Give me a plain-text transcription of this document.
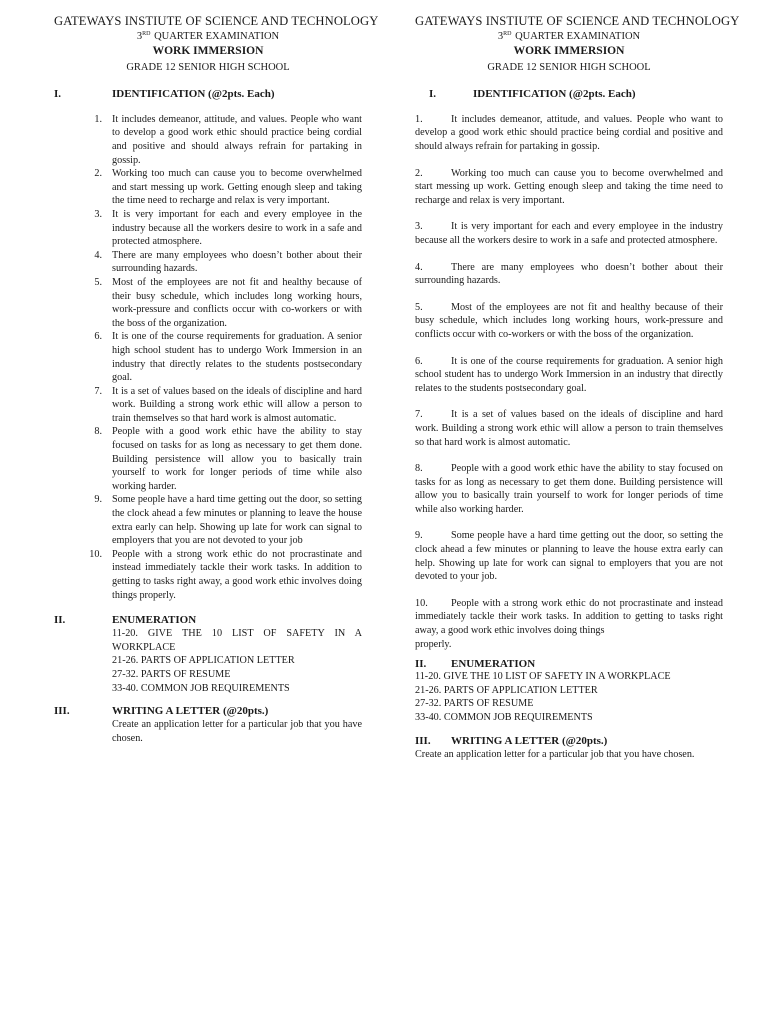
GATEWAYS INSTIUTE OF SCIENCE AND TECHNOLOGY
3RD QUARTER EXAMINATION
WORK IMMERSION
GRADE 12 SENIOR HIGH SCHOOL
I.	IDENTIFICATION (@2pts. Each)
1. It includes demeanor, attitude, and values. People who want to develop a good work ethic should practice being cordial and positive and should always refrain for partaking in gossip.
2. Working too much can cause you to become overwhelmed and start messing up work. Getting enough sleep and taking the time need to recharge and relax is very important.
3. It is very important for each and every employee in the industry because all the workers desire to work in a safe and protected atmosphere.
4. There are many employees who doesn’t bother about their surrounding hazards.
5. Most of the employees are not fit and healthy because of their busy schedule, which includes long working hours, work-pressure and conflicts occur with co-workers or with the boss of the organization.
6. It is one of the course requirements for graduation. A senior high school student has to undergo Work Immersion in an industry that directly relates to the students postsecondary goal.
7. It is a set of values based on the ideals of discipline and hard work. Building a strong work ethic will allow a person to train themselves so that hard work is almost automatic.
8. People with a good work ethic have the ability to stay focused on tasks for as long as necessary to get them done. Building persistence will allow you to basically train yourself to work for longer periods of time while also working harder.
9. Some people have a hard time getting out the door, so setting the clock ahead a few minutes or planning to leave the house extra early can help. Showing up late for work can signal to employers that you are not devoted to your job
10. People with a strong work ethic do not procrastinate and instead immediately tackle their work tasks. In addition to getting to tasks right away, a good work ethic involves doing things properly.
II.	ENUMERATION
11-20. GIVE THE 10 LIST OF SAFETY IN A WORKPLACE
21-26. PARTS OF APPLICATION LETTER
27-32. PARTS OF RESUME
33-40. COMMON JOB REQUIREMENTS
III.	WRITING A LETTER (@20pts.)
Create an application letter for a particular job that you have chosen.
GATEWAYS INSTIUTE OF SCIENCE AND TECHNOLOGY
3RD QUARTER EXAMINATION
WORK IMMERSION
GRADE 12 SENIOR HIGH SCHOOL
I.	IDENTIFICATION (@2pts. Each)
1.	It includes demeanor, attitude, and values. People who want to develop a good work ethic should practice being cordial and positive and should always refrain for partaking in gossip.
2.	Working too much can cause you to become overwhelmed and start messing up work. Getting enough sleep and taking the time need to recharge and relax is very important.
3.	It is very important for each and every employee in the industry because all the workers desire to work in a safe and protected atmosphere.
4.	There are many employees who doesn’t bother about their surrounding hazards.
5.	Most of the employees are not fit and healthy because of their busy schedule, which includes long working hours, work-pressure and conflicts occur with co-workers or with the boss of the organization.
6.	It is one of the course requirements for graduation. A senior high school student has to undergo Work Immersion in an industry that directly relates to the students postsecondary goal.
7.	It is a set of values based on the ideals of discipline and hard work. Building a strong work ethic will allow a person to train themselves so that hard work is almost automatic.
8.	People with a good work ethic have the ability to stay focused on tasks for as long as necessary to get them done. Building persistence will allow you to basically train yourself to work for longer periods of time while also working harder.
9.	Some people have a hard time getting out the door, so setting the clock ahead a few minutes or planning to leave the house extra early can help. Showing up late for work can signal to employers that you are not devoted to your job.
10. People with a strong work ethic do not procrastinate and instead immediately tackle their work tasks. In addition to getting to tasks right away, a good work ethic involves doing things
properly.
II.	ENUMERATION
11-20. GIVE THE 10 LIST OF SAFETY IN A WORKPLACE
21-26. PARTS OF APPLICATION LETTER
27-32. PARTS OF RESUME
33-40. COMMON JOB REQUIREMENTS
III.	WRITING A LETTER (@20pts.)
Create an application letter for a particular job that you have chosen.
